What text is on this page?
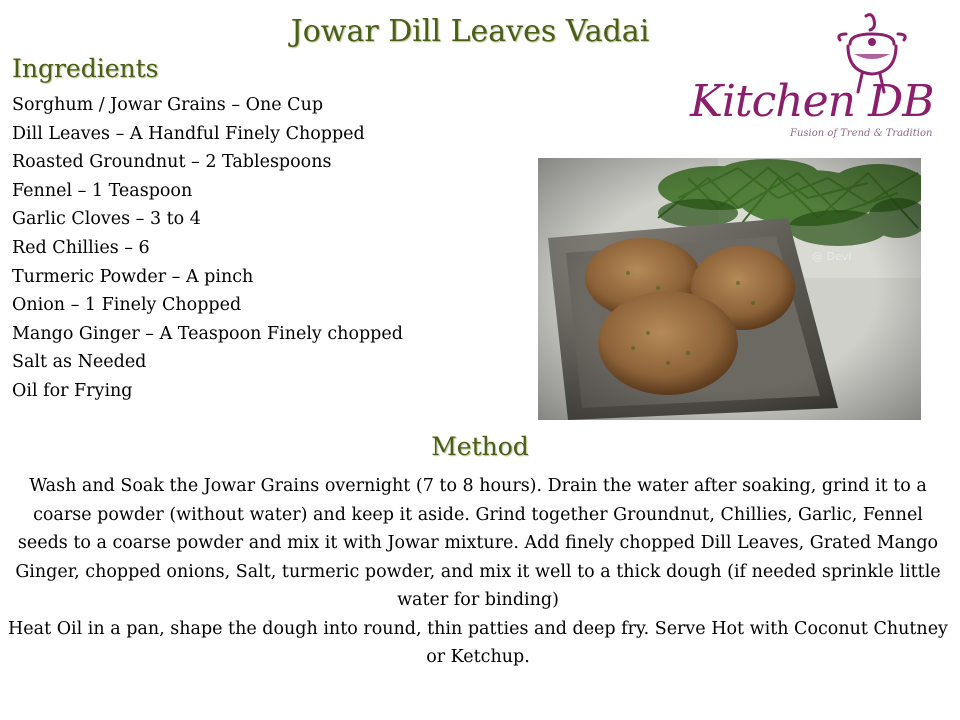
Jowar Dill Leaves Vadai
Ingredients
Sorghum / Jowar Grains – One Cup
Dill Leaves – A Handful Finely Chopped
Roasted Groundnut – 2 Tablespoons
Fennel – 1 Teaspoon
Garlic Cloves – 3 to 4
Red Chillies – 6
Turmeric Powder – A pinch
Onion – 1 Finely Chopped
Mango Ginger – A Teaspoon Finely chopped
Salt as Needed
Oil for Frying
Kitchen DB
Fusion of Trend & Tradition
@ Devi
Method

Wash and Soak the Jowar Grains overnight (7 to 8 hours). Drain the water after soaking, grind it to a coarse powder (without water) and keep it aside. Grind together Groundnut, Chillies, Garlic, Fennel seeds to a coarse powder and mix it with Jowar mixture. Add finely chopped Dill Leaves, Grated Mango Ginger, chopped onions, Salt, turmeric powder, and mix it well to a thick dough (if needed sprinkle little water for binding)

Heat Oil in a pan, shape the dough into round, thin patties and deep fry. Serve Hot with Coconut Chutney or Ketchup.
